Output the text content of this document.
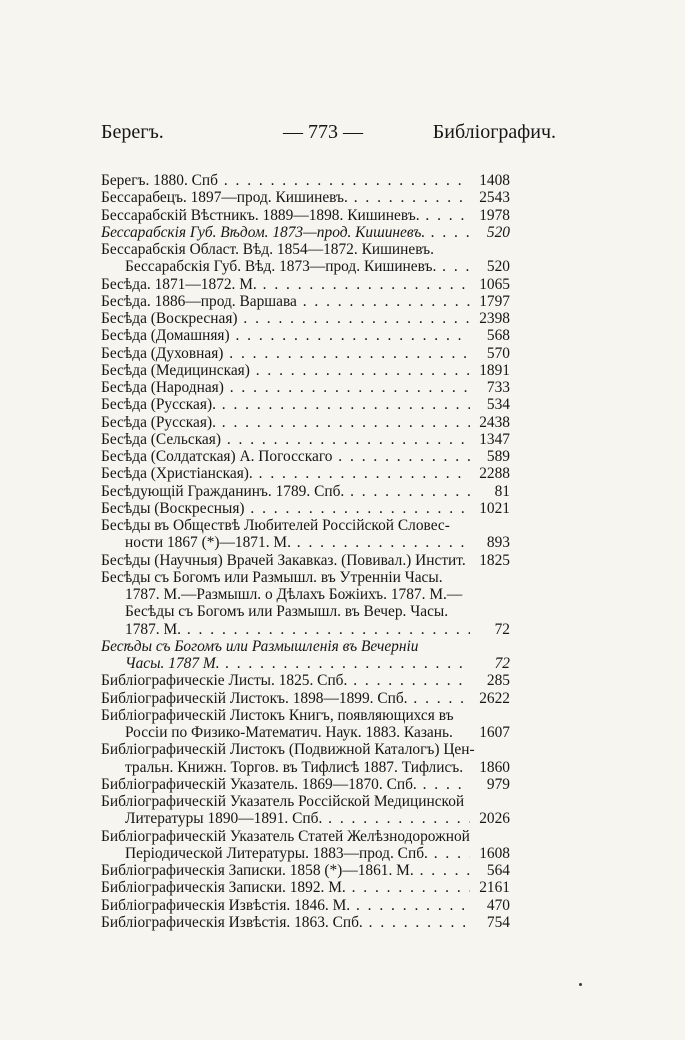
Берегъ.	— 773 —	Библіографич.
Берегъ. 1880. Спб . . .	1408
Бессарабецъ. 1897—прод. Кишиневъ. . . .	2543
Бессарабскій Вѣстникъ. 1889—1898. Кишиневъ. . . .	1978
Бессарабскія Губ. Вѣдом. 1873—прод. Кишиневъ. . . .	520
Бессарабскія Област. Вѣд. 1854—1872. Кишиневъ.
Бессарабскія Губ. Вѣд. 1873—прод. Кишиневъ. . . .	520
Бесѣда. 1871—1872. М. . . .	1065
Бесѣда. 1886—прод. Варшава . . .	1797
Бесѣда (Воскресная) . . .	2398
Бесѣда (Домашняя) . . .	568
Бесѣда (Духовная) . . .	570
Бесѣда (Медицинская) . . .	1891
Бесѣда (Народная) . . .	733
Бесѣда (Русская). . . .	534
Бесѣда (Русская). . . .	2438
Бесѣда (Сельская) . . .	1347
Бесѣда (Солдатская) А. Погосскаго . . .	589
Бесѣда (Христіанская). . . .	2288
Бесѣдующій Гражданинъ. 1789. Спб. . . .	81
Бесѣды (Воскресныя) . . .	1021
Бесѣды въ Обществѣ Любителей Россійской Словес-
ности 1867 (*)—1871. М. . . .	893
Бесѣды (Научныя) Врачей Закавказ. (Повивал.) Инстит. 1825
Бесѣды съ Богомъ или Размышл. въ Утренніи Часы.
1787. М.—Размышл. о Дѣлахъ Божіихъ. 1787. М.—
Бесѣды съ Богомъ или Размышл. въ Вечер. Часы.
1787. М. . . .	72
Бесѣды съ Богомъ или Размышленія въ Вечерніи
Часы. 1787 М. . . .	72
Библіографическіе Листы. 1825. Спб. . . .	285
Библіографическій Листокъ. 1898—1899. Спб. . . .	2622
Библіографическій Листокъ Книгъ, появляющихся въ
Россіи по Физико-Математич. Наук. 1883. Казань.	1607
Библіографическій Листокъ (Подвижной Каталогъ) Цен-
тральн. Книжн. Торгов. въ Тифлисѣ 1887. Тифлисъ.	1860
Библіографическій Указатель. 1869—1870. Спб. . . .	979
Библіографическій Указатель Россійской Медицинской
Литературы 1890—1891. Спб. . . .	2026
Библіографическій Указатель Статей Желѣзнодорожной
Періодической Литературы. 1883—прод. Спб. . . .	1608
Библіографическія Записки. 1858 (*)—1861. М. . . .	564
Библіографическія Записки. 1892. М. . . .	2161
Библіографическія Извѣстія. 1846. М. . . .	470
Библіографическія Извѣстія. 1863. Спб. . . .	754
